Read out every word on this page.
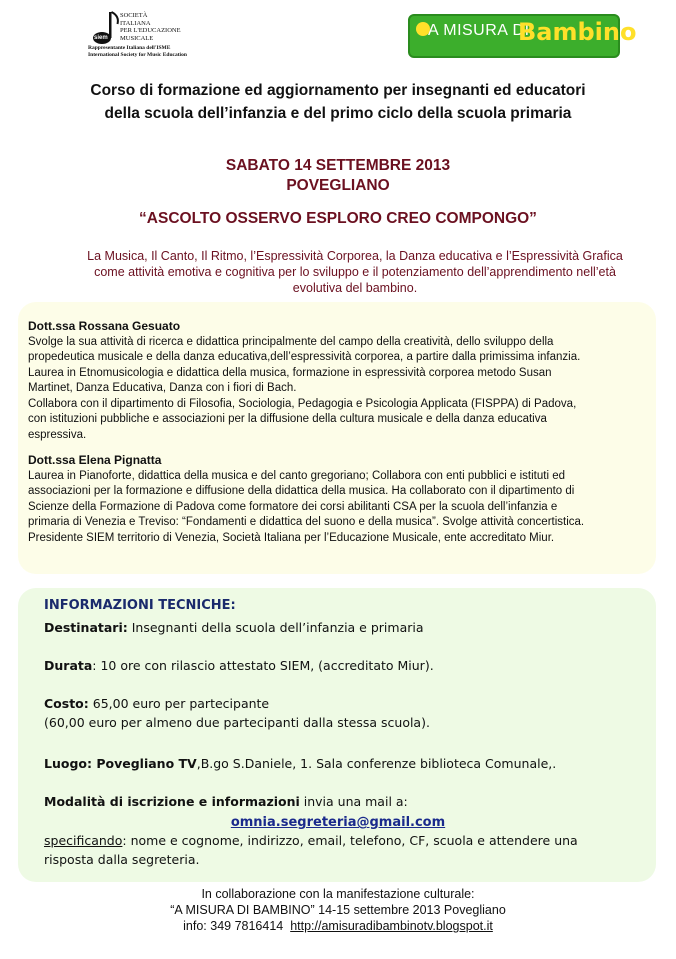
siem
SOCIETÀ
ITALIANA
PER L'EDUCAZIONE
MUSICALE
Rappresentante Italiana dell'ISME
International Society for Music Education
A MISURA DI
Bambino
Corso di formazione ed aggiornamento per insegnanti ed educatori
della scuola dell’infanzia e del primo ciclo della scuola primaria
SABATO 14 SETTEMBRE 2013
POVEGLIANO
“ASCOLTO OSSERVO ESPLORO CREO COMPONGO”
La Musica, Il Canto, Il Ritmo, l’Espressività Corporea, la Danza educativa e l’Espressività Grafica
come attività emotiva e cognitiva per lo sviluppo e il potenziamento dell’apprendimento nell’età
evolutiva del bambino.
Dott.ssa Rossana Gesuato
Svolge la sua attività di ricerca e didattica principalmente del campo della creatività, dello sviluppo della
propedeutica musicale e della danza educativa,dell’espressività corporea, a partire dalla primissima infanzia.
Laurea in Etnomusicologia e didattica della musica, formazione in espressività corporea metodo Susan
Martinet, Danza Educativa, Danza con i fiori di Bach.
Collabora con il dipartimento di Filosofia, Sociologia, Pedagogia e Psicologia Applicata (FISPPA) di Padova,
con istituzioni pubbliche e associazioni per la diffusione della cultura musicale e della danza educativa
espressiva.
Dott.ssa Elena Pignatta
Laurea in Pianoforte, didattica della musica e del canto gregoriano; Collabora con enti pubblici e istituti ed
associazioni per la formazione e diffusione della didattica della musica. Ha collaborato con il dipartimento di
Scienze della Formazione di Padova come formatore dei corsi abilitanti CSA per la scuola dell’infanzia e
primaria di Venezia e Treviso: “Fondamenti e didattica del suono e della musica”. Svolge attività concertistica.
Presidente SIEM territorio di Venezia, Società Italiana per l’Educazione Musicale, ente accreditato Miur.
INFORMAZIONI TECNICHE:
Destinatari: Insegnanti della scuola dell’infanzia e primaria
Durata: 10 ore con rilascio attestato SIEM, (accreditato Miur).
Costo: 65,00 euro per partecipante
(60,00 euro per almeno due partecipanti dalla stessa scuola).
Luogo: Povegliano TV,B.go S.Daniele, 1. Sala conferenze biblioteca Comunale,.
Modalità di iscrizione e informazioni invia una mail a:
omnia.segreteria@gmail.com
specificando: nome e cognome, indirizzo, email, telefono, CF, scuola e attendere una
risposta dalla segreteria.
In collaborazione con la manifestazione culturale:
“A MISURA DI BAMBINO” 14-15 settembre 2013 Povegliano
info: 349 7816414  http://amisuradibambinotv.blogspot.it
